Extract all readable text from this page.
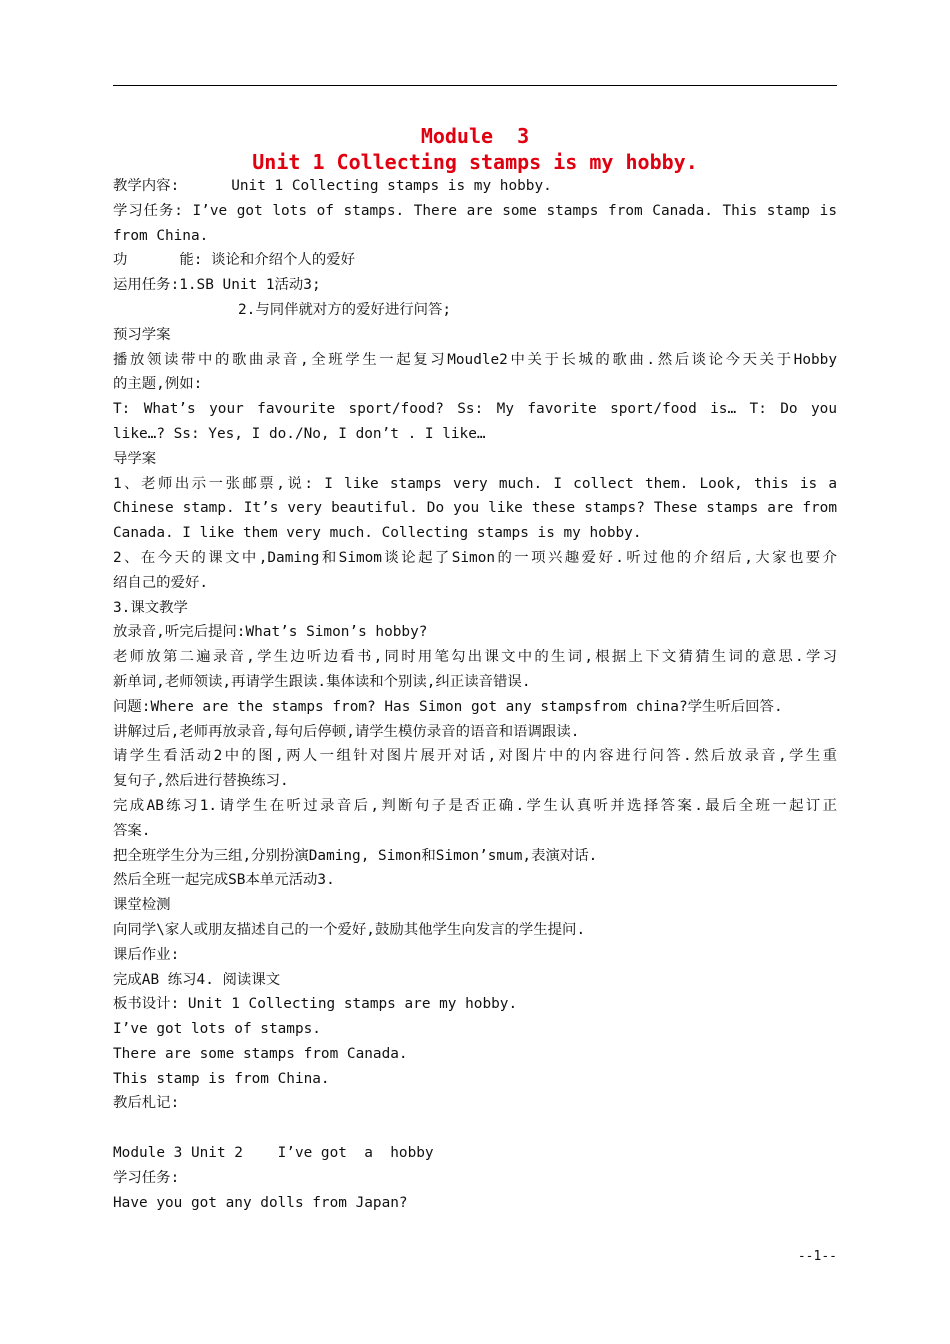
Module  3
Unit 1 Collecting stamps is my hobby.
教学内容:      Unit 1 Collecting stamps is my hobby.
学习任务: I’ve got lots of stamps. There are some stamps from Canada. This stamp is
from China.
功      能: 谈论和介绍个人的爱好
运用任务:1.SB Unit 1活动3;
2.与同伴就对方的爱好进行问答;
预习学案
播放领读带中的歌曲录音,全班学生一起复习Moudle2中关于长城的歌曲.然后谈论今天关于Hobby
的主题,例如:
T: What’s your favourite sport/food? Ss: My favorite sport/food is… T: Do you
like…? Ss: Yes, I do./No, I don’t . I like…
导学案
1、老师出示一张邮票,说: I like stamps very much. I collect them. Look, this is a
Chinese stamp. It’s very beautiful. Do you like these stamps? These stamps are from
Canada. I like them very much. Collecting stamps is my hobby.
2、在今天的课文中,Daming和Simom谈论起了Simon的一项兴趣爱好.听过他的介绍后,大家也要介
绍自己的爱好.
3.课文教学
放录音,听完后提问:What’s Simon’s hobby?
老师放第二遍录音,学生边听边看书,同时用笔勾出课文中的生词,根据上下文猜猜生词的意思.学习
新单词,老师领读,再请学生跟读.集体读和个别读,纠正读音错误.
问题:Where are the stamps from? Has Simon got any stampsfrom china?学生听后回答.
讲解过后,老师再放录音,每句后停顿,请学生模仿录音的语音和语调跟读.
请学生看活动2中的图,两人一组针对图片展开对话,对图片中的内容进行问答.然后放录音,学生重
复句子,然后进行替换练习.
完成AB练习1.请学生在听过录音后,判断句子是否正确.学生认真听并选择答案.最后全班一起订正
答案.
把全班学生分为三组,分别扮演Daming, Simon和Simon’smum,表演对话.
然后全班一起完成SB本单元活动3.
课堂检测
向同学\家人或朋友描述自己的一个爱好,鼓励其他学生向发言的学生提问.
课后作业:
完成AB 练习4. 阅读课文
板书设计: Unit 1 Collecting stamps are my hobby.
I’ve got lots of stamps.
There are some stamps from Canada.
This stamp is from China.
教后札记:
Module 3 Unit 2    I’ve got  a  hobby
学习任务:
Have you got any dolls from Japan?
--1--
